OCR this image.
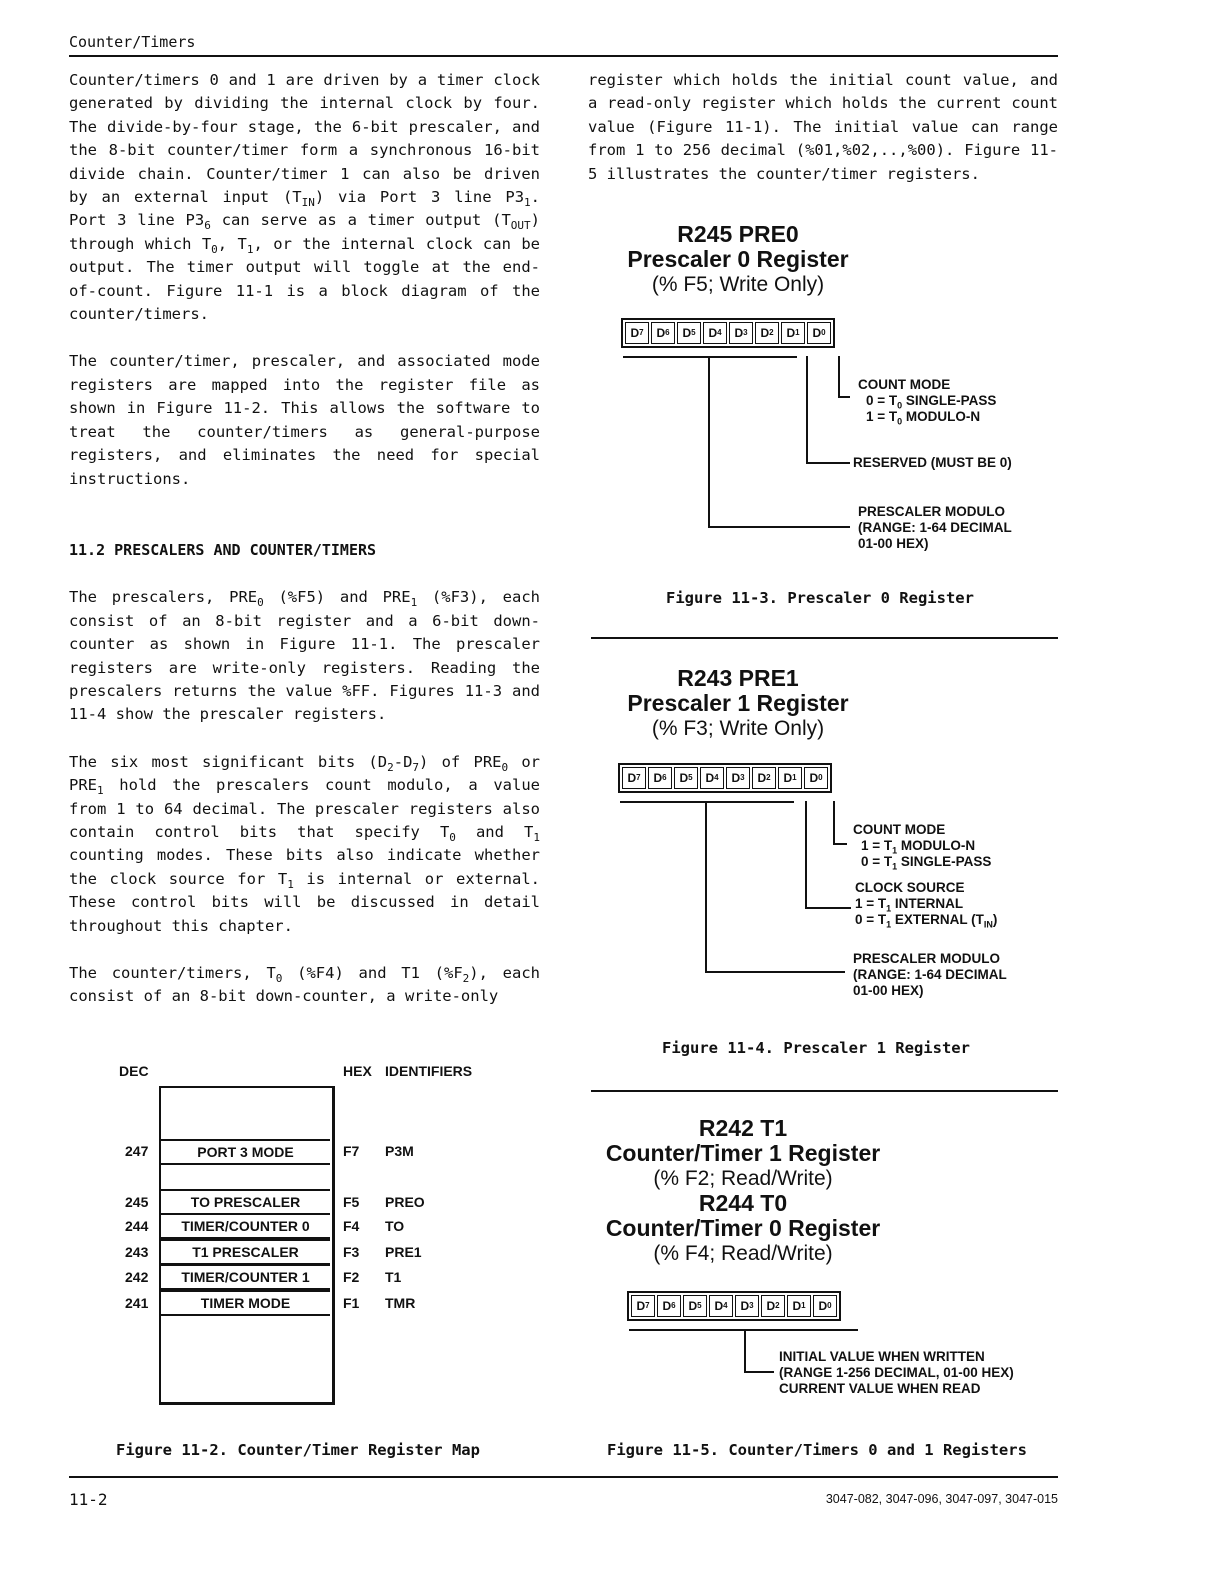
Counter/Timers

Counter/timers 0 and 1 are driven by a timer clock generated by dividing the internal clock by four. The divide-by-four stage, the 6-bit prescaler, and the 8-bit counter/timer form a synchronous 16-bit divide chain. Counter/timer 1 can also be driven by an external input $(T_{IN})$ via Port 3 line $P3_1$. Port 3 line $P3_6$ can serve as a timer output $(T_{OUT})$ through which $T_0$, $T_1$, or the internal clock can be output. The timer output will toggle at the end-of-count. Figure 11-1 is a block diagram of the counter/timers.

The counter/timer, prescaler, and associated mode registers are mapped into the register file as shown in Figure 11-2. This allows the software to treat the counter/timers as general-purpose registers, and eliminates the need for special instructions.

11.2 PRESCALERS AND COUNTER/TIMERS

The prescalers, $PRE_0$ (%F5) and $PRE_1$ (%F3), each consist of an 8-bit register and a 6-bit down-counter as shown in Figure 11-1. The prescaler registers are write-only registers. Reading the prescalers returns the value %FF. Figures 11-3 and 11-4 show the prescaler registers.

The six most significant bits $(D_2-D_7)$ of $PRE_0$ or $PRE_1$ hold the prescalers count modulo, a value from 1 to 64 decimal. The prescaler registers also contain control bits that specify $T_0$ and $T_1$ counting modes. These bits also indicate whether the clock source for $T_1$ is internal or external. These control bits will be discussed in detail throughout this chapter.

The counter/timers, $T_0$ (%F4) and T1 $(\%F_2)$, each consist of an 8-bit down-counter, a write-only

DEC	HEX IDENTIFIERS
PORT 3 MODE
TO PRESCALER
TIMER/COUNTER 0
T1 PRESCALER
TIMER/COUNTER 1
TIMER MODE
247
245
244
243
242
241
F7
F5
F4
F3
F2
F1
P3M
PREO
TO
PRE1
T1
TMR
Figure 11-2. Counter/Timer Register Map

register which holds the initial count value, and a read-only register which holds the current count value (Figure 11-1). The initial value can range from 1 to 256 decimal (%01,%02,..,%00). Figure 11-5 illustrates the counter/timer registers.

R245 PRE0
Prescaler 0 Register
(% F5; Write Only)
D 7 D 6 D 5 D 4 D 3 D 2 D 1 D 0
COUNT MODE
$0 = T_0$ SINGLE-PASS
$1 = T_0$ MODULO-N
RESERVED (MUST BE 0)
PRESCALER MODULO
(RANGE: 1-64 DECIMAL
01-00 HEX)
Figure 11-3. Prescaler 0 Register
R243 PRE1
Prescaler 1 Register
(% F3; Write Only)
D 7 D 6 D 5 D 4 D 3 D 2 D 1 D 0
COUNT MODE
$1 = T_1$ MODULO-N
$0 = T_1$ SINGLE-PASS
CLOCK SOURCE
$1 = T_1$ INTERNAL
$0 = T_1$ EXTERNAL $(T_{IN})$
PRESCALER MODULO
(RANGE: 1-64 DECIMAL
01-00 HEX)
Figure 11-4. Prescaler 1 Register
R242 T1
Counter/Timer 1 Register
(% F2; Read/Write)
R244 T0
Counter/Timer 0 Register
(% F4; Read/Write)
D 7 D 6 D 5 D 4 D 3 D 2 D 1 D 0
INITIAL VALUE WHEN WRITTEN
(RANGE 1-256 DECIMAL, 01-00 HEX)
CURRENT VALUE WHEN READ
Figure 11-5. Counter/Timers 0 and 1 Registers
11-2	3047-082, 3047-096, 3047-097, 3047-015
